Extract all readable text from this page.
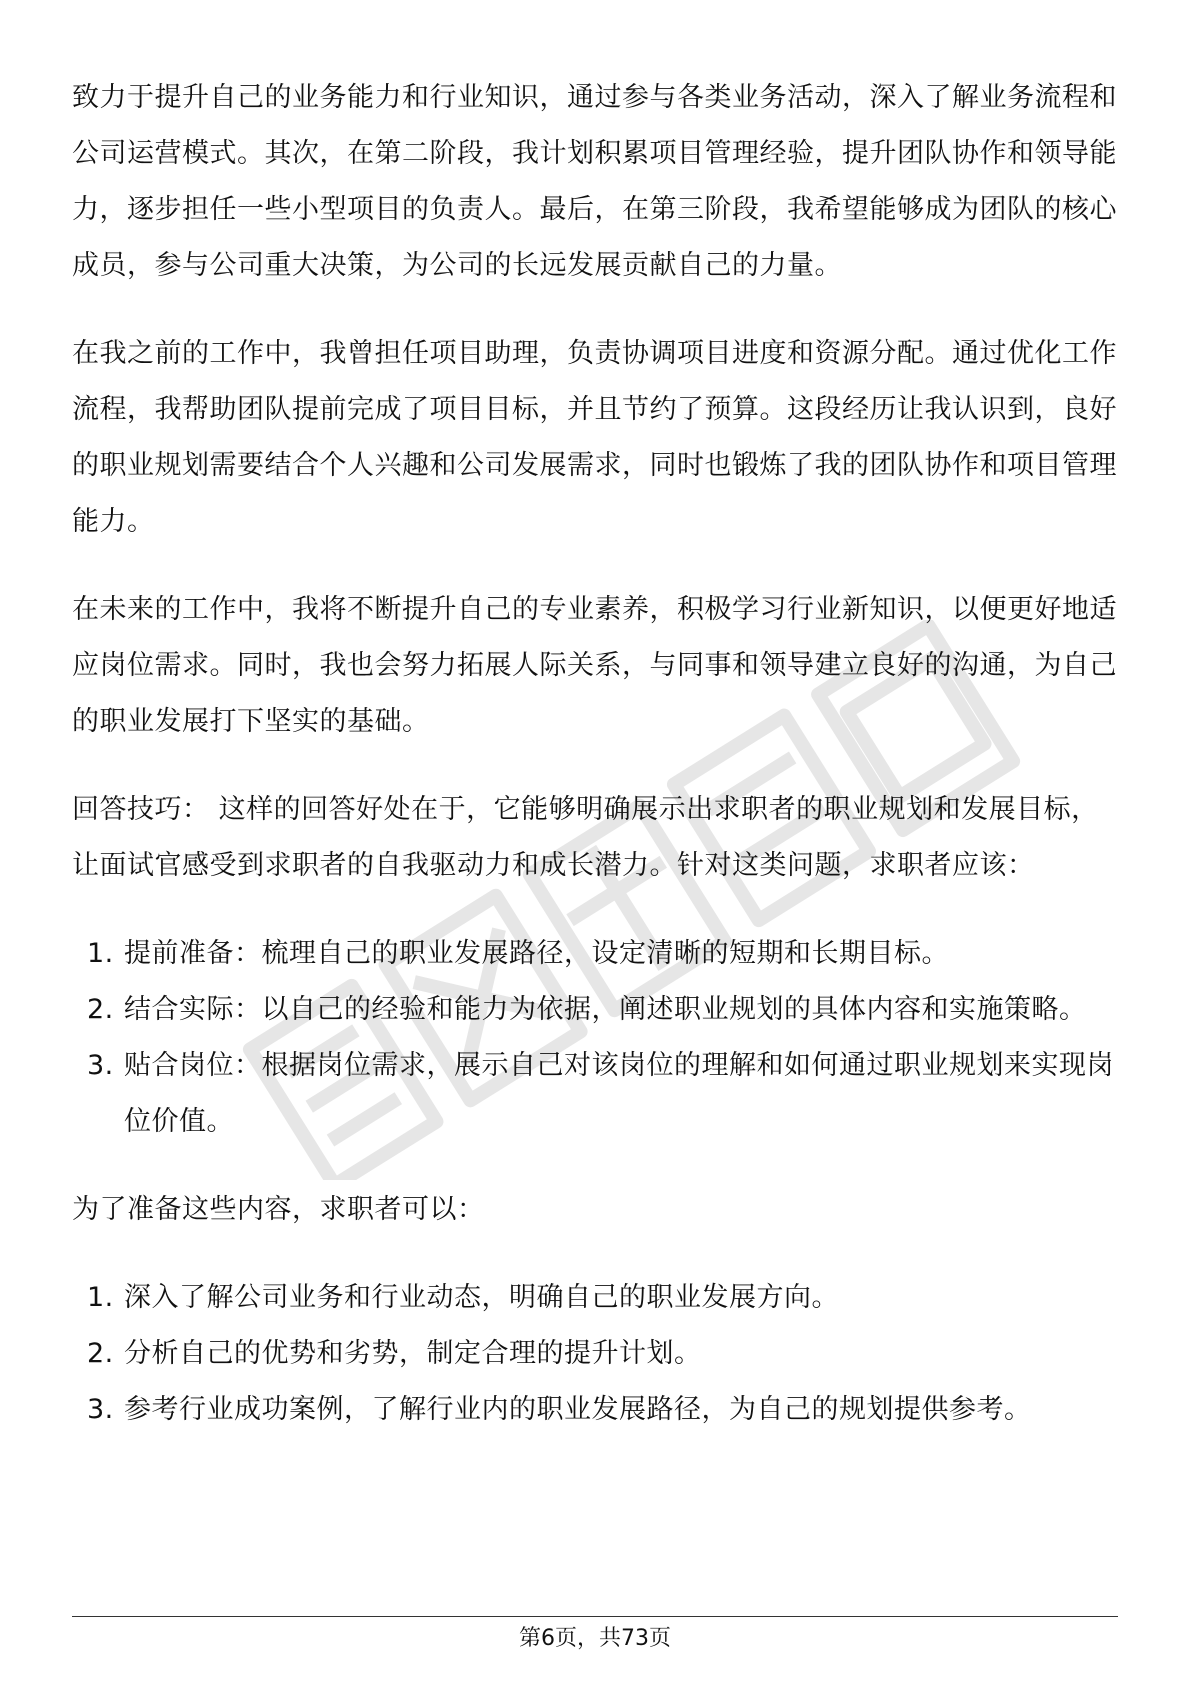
致力于提升自己的业务能力和行业知识，通过参与各类业务活动，深入了解业务流程和公司运营模式。其次，在第二阶段，我计划积累项目管理经验，提升团队协作和领导能力，逐步担任一些小型项目的负责人。最后，在第三阶段，我希望能够成为团队的核心成员，参与公司重大决策，为公司的长远发展贡献自己的力量。

在我之前的工作中，我曾担任项目助理，负责协调项目进度和资源分配。通过优化工作流程，我帮助团队提前完成了项目目标，并且节约了预算。这段经历让我认识到，良好的职业规划需要结合个人兴趣和公司发展需求，同时也锻炼了我的团队协作和项目管理能力。

在未来的工作中，我将不断提升自己的专业素养，积极学习行业新知识，以便更好地适应岗位需求。同时，我也会努力拓展人际关系，与同事和领导建立良好的沟通，为自己的职业发展打下坚实的基础。

回答技巧： 这样的回答好处在于，它能够明确展示出求职者的职业规划和发展目标，让面试官感受到求职者的自我驱动力和成长潜力。针对这类问题，求职者应该：

1. 提前准备：梳理自己的职业发展路径，设定清晰的短期和长期目标。
2. 结合实际：以自己的经验和能力为依据，阐述职业规划的具体内容和实施策略。
3. 贴合岗位：根据岗位需求，展示自己对该岗位的理解和如何通过职业规划来实现岗位价值。

为了准备这些内容，求职者可以：

1. 深入了解公司业务和行业动态，明确自己的职业发展方向。
2. 分析自己的优势和劣势，制定合理的提升计划。
3. 参考行业成功案例，了解行业内的职业发展路径，为自己的规划提供参考。
第6页，共73页
